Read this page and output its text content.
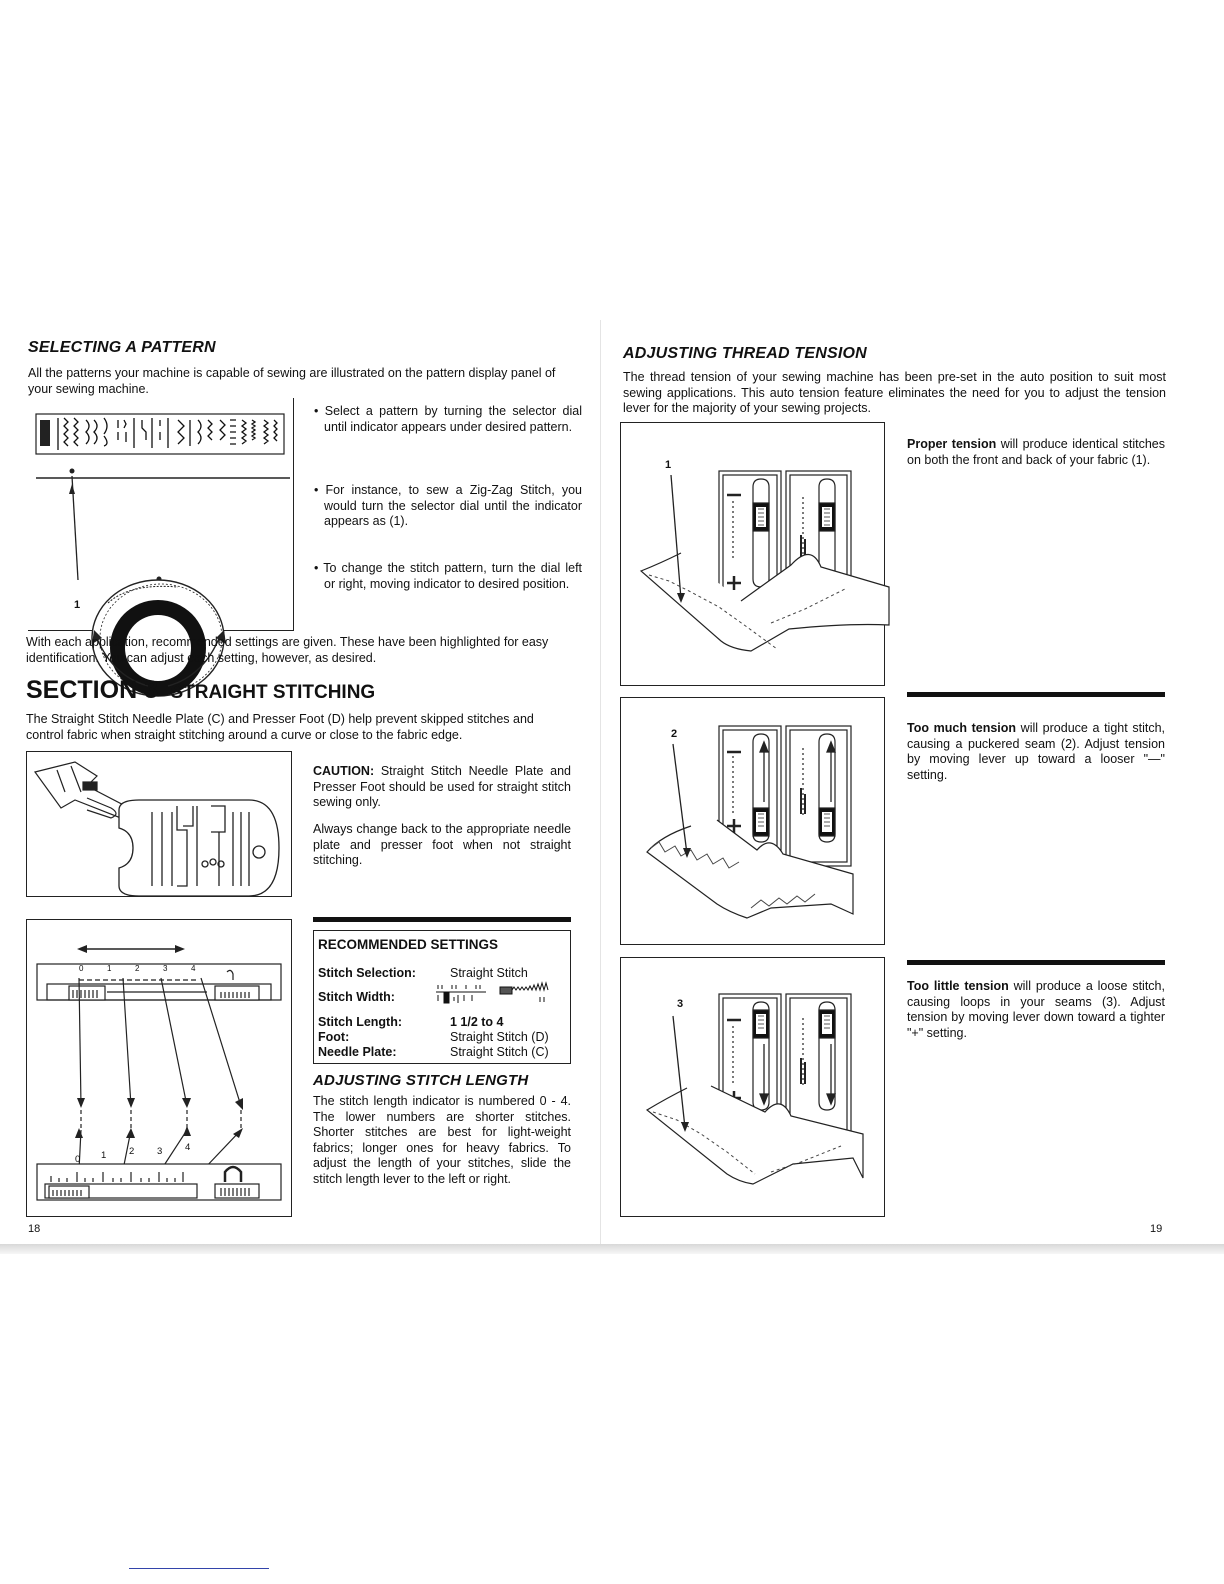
SELECTING A PATTERN
All the patterns your machine is capable of sewing are illustrated on the pattern display panel of your sewing machine.
1
• Select a pattern by turning the selector dial until indicator appears under desired pattern.
• For instance, to sew a Zig-Zag Stitch, you would turn the selector dial until the indicator appears as (1).
• To change the stitch pattern, turn the dial left or right, moving indicator to desired position.
With each application, recommended settings are given. These have been highlighted for easy identification. You can adjust each setting, however, as desired.
SECTION 3 STRAIGHT STITCHING
The Straight Stitch Needle Plate (C) and Presser Foot (D) help prevent skipped stitches and control fabric when straight stitching around a curve or close to the fabric edge.
CAUTION: Straight Stitch Needle Plate and Presser Foot should be used for straight stitch sewing only.
Always change back to the appropriate needle plate and presser foot when not straight stitching.
0	1	2	3	4
0 1 2 3 4
RECOMMENDED SETTINGS
Stitch Selection:	Straight Stitch
Stitch Width:
Stitch Length:	1 1/2 to 4
Foot:	Straight Stitch (D)
Needle Plate:	Straight Stitch (C)
ADJUSTING STITCH LENGTH
The stitch length indicator is numbered 0 - 4. The lower numbers are shorter stitches. Shorter stitches are best for light-weight fabrics; longer ones for heavy fabrics. To adjust the length of your stitches, slide the stitch length lever to the left or right.
18
ADJUSTING THREAD TENSION
The thread tension of your sewing machine has been pre-set in the auto position to suit most sewing applications. This auto tension feature eliminates the need for you to adjust the tension lever for the majority of your sewing projects.
1
Proper tension will produce identical stitches on both the front and back of your fabric (1).
2	Too much tension will produce a tight stitch, causing a puckered seam (2). Adjust tension by moving lever up toward a looser "—" setting.
3
Too little tension will produce a loose stitch, causing loops in your seams (3). Adjust tension by moving lever down toward a tighter "+" setting.
19
